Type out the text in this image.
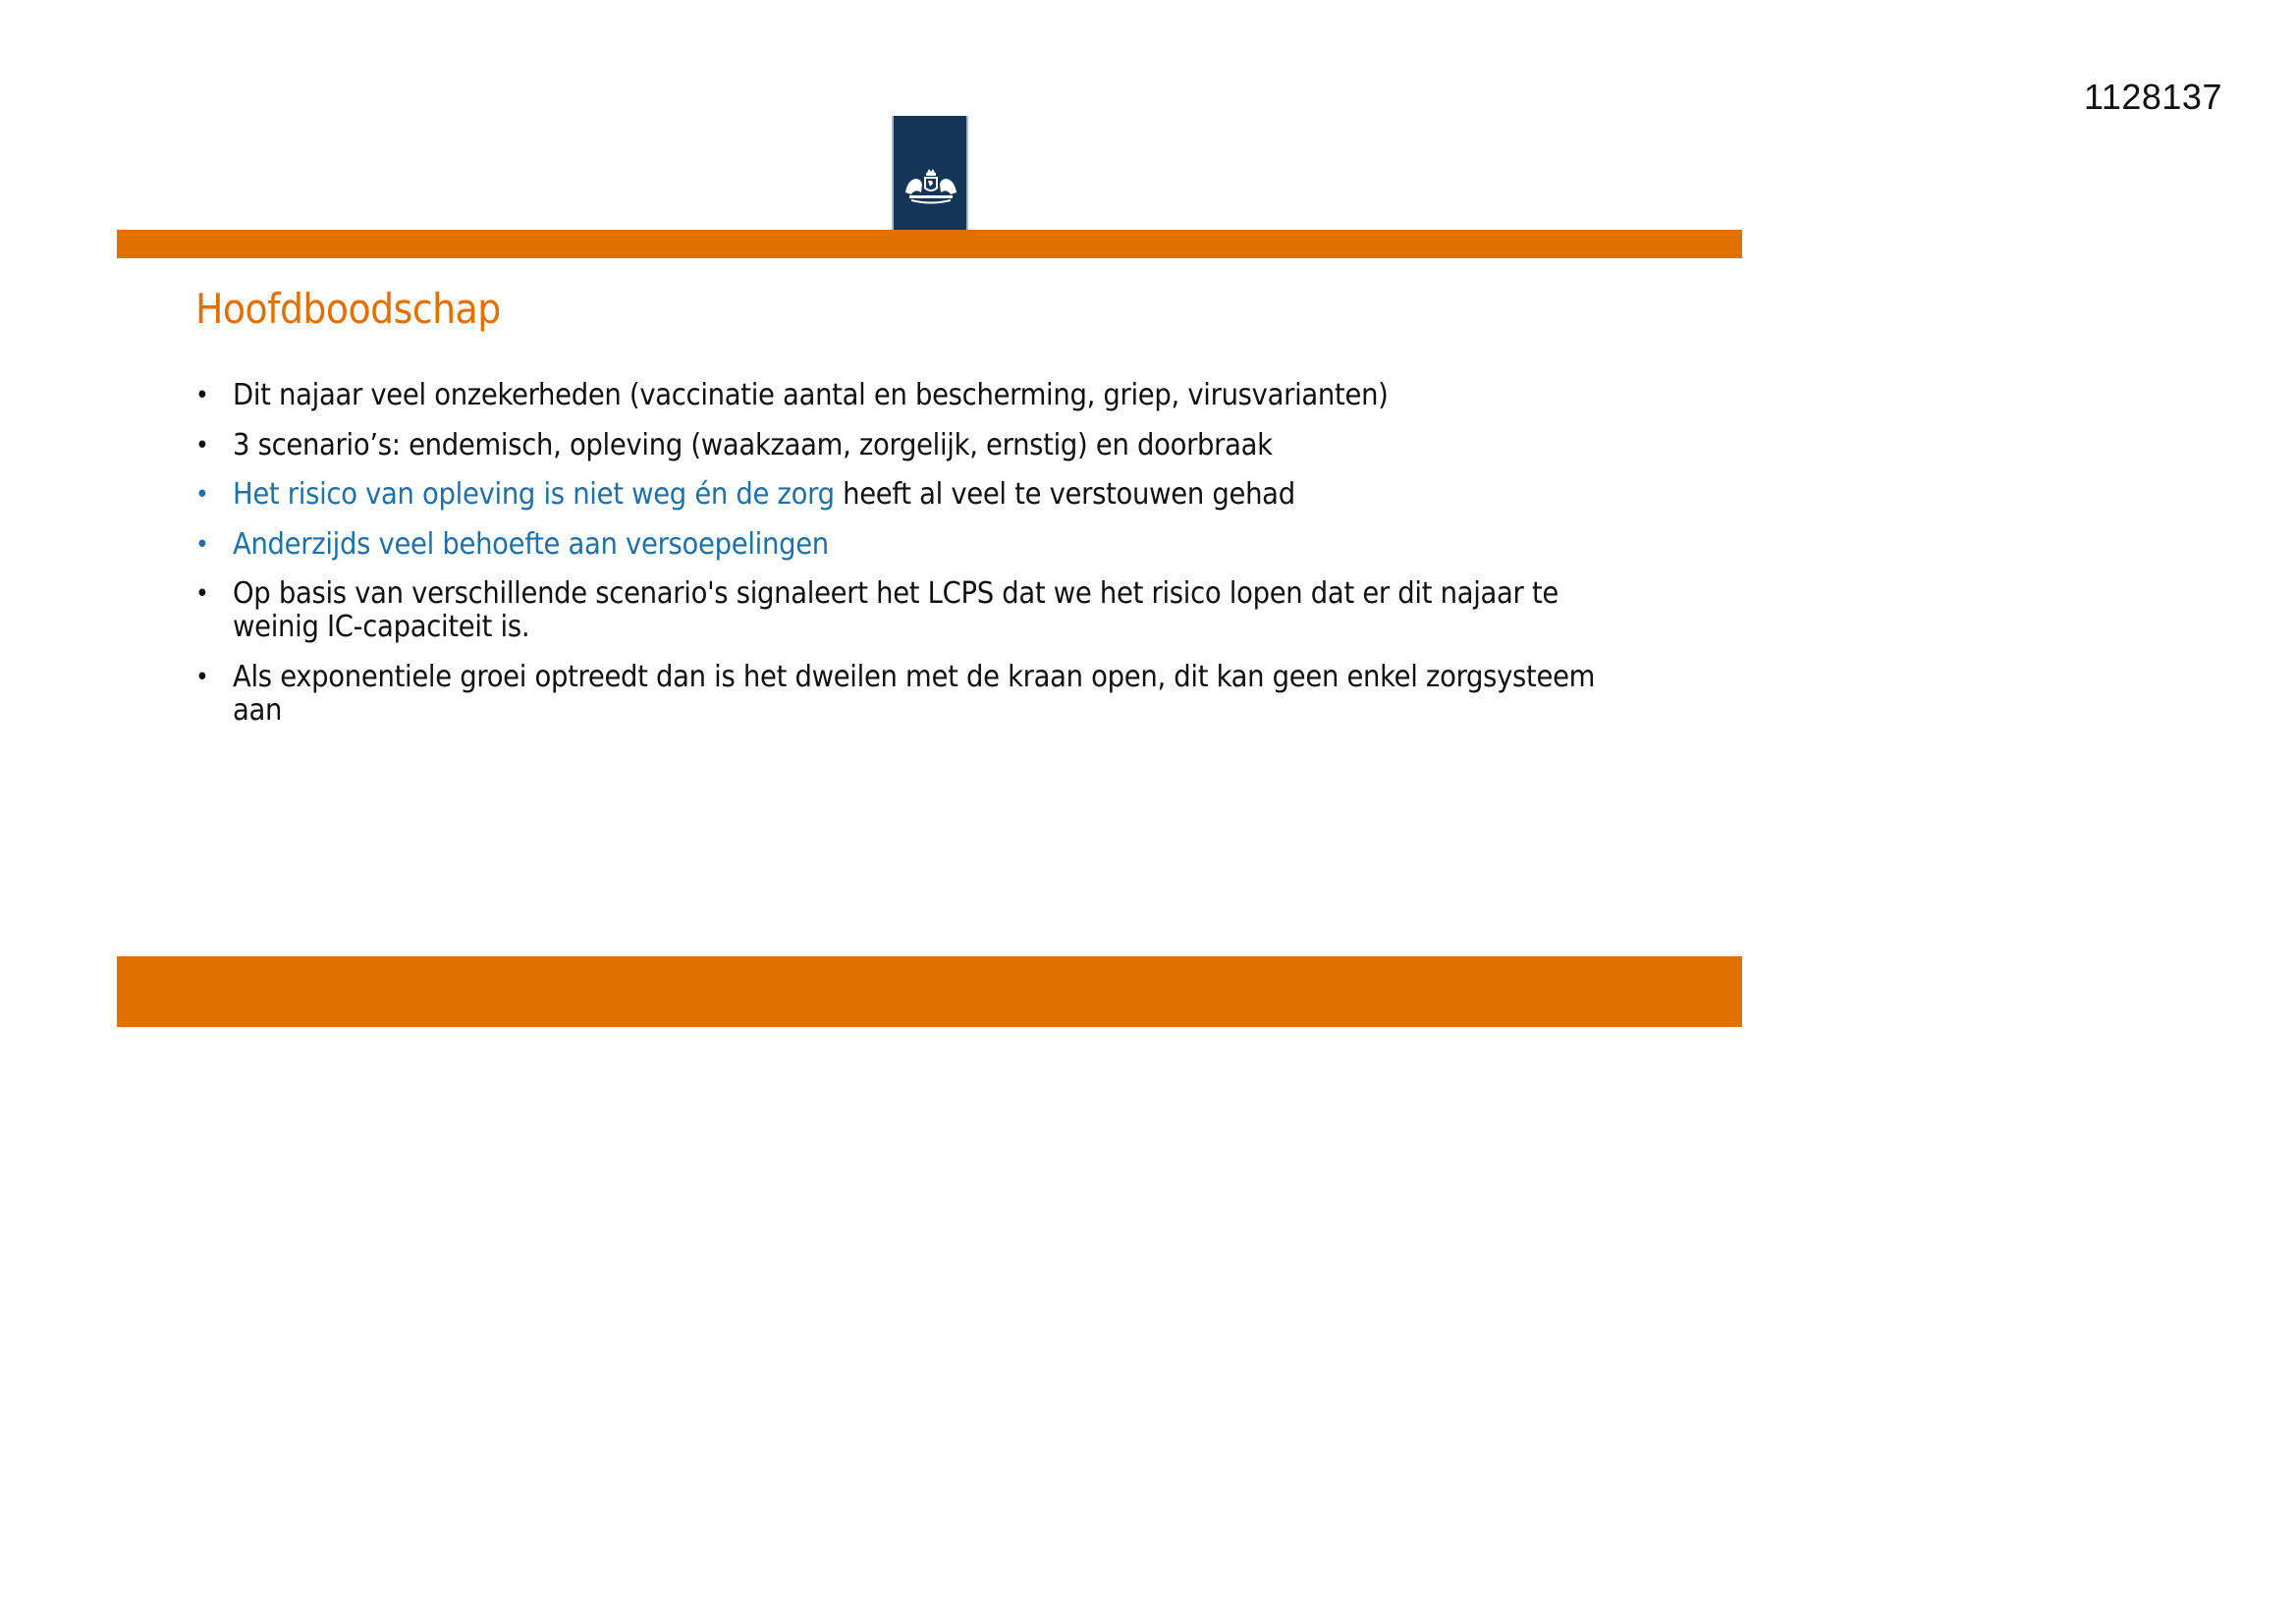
1128137
Hoofdboodschap
• Dit najaar veel onzekerheden (vaccinatie aantal en bescherming, griep, virusvarianten)
• 3 scenario’s: endemisch, opleving (waakzaam, zorgelijk, ernstig) en doorbraak
• Het risico van opleving is niet weg én de zorg heeft al veel te verstouwen gehad
• Anderzijds veel behoefte aan versoepelingen
• Op basis van verschillende scenario's signaleert het LCPS dat we het risico lopen dat er dit najaar te weinig IC-capaciteit is.
• Als exponentiele groei optreedt dan is het dweilen met de kraan open, dit kan geen enkel zorgsysteem aan
